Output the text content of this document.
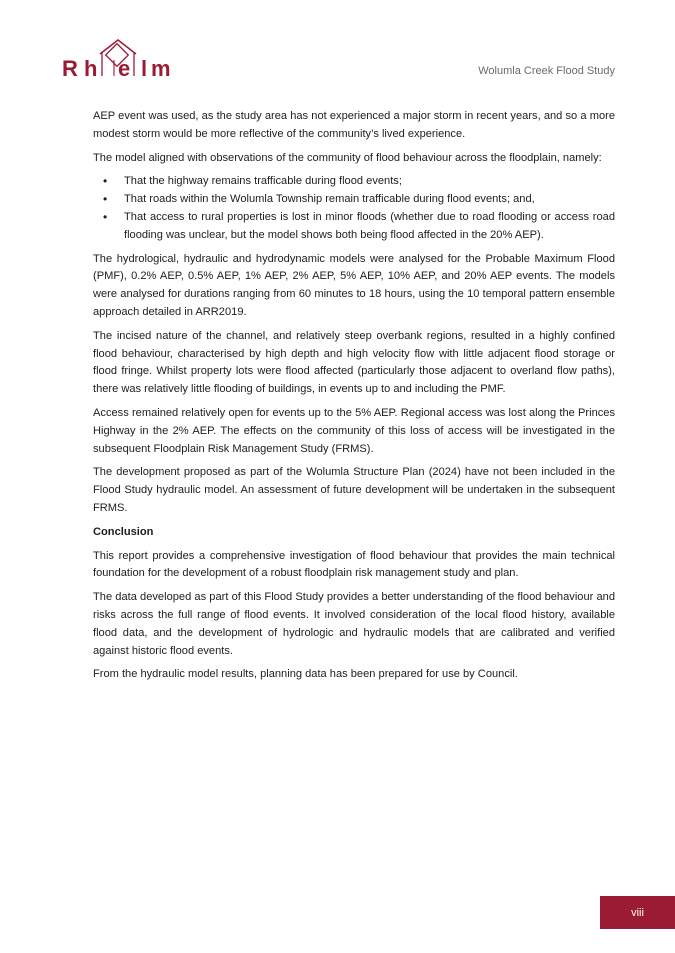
R h e l m	Wolumla Creek Flood Study

AEP event was used, as the study area has not experienced a major storm in recent years, and so a more modest storm would be more reflective of the community’s lived experience.

The model aligned with observations of the community of flood behaviour across the floodplain, namely:

• That the highway remains trafficable during flood events;
• That roads within the Wolumla Township remain trafficable during flood events; and,
• That access to rural properties is lost in minor floods (whether due to road flooding or access road flooding was unclear, but the model shows both being flood affected in the 20% AEP).

The hydrological, hydraulic and hydrodynamic models were analysed for the Probable Maximum Flood (PMF), 0.2% AEP, 0.5% AEP, 1% AEP, 2% AEP, 5% AEP, 10% AEP, and 20% AEP events. The models were analysed for durations ranging from 60 minutes to 18 hours, using the 10 temporal pattern ensemble approach detailed in ARR2019.

The incised nature of the channel, and relatively steep overbank regions, resulted in a highly confined flood behaviour, characterised by high depth and high velocity flow with little adjacent flood storage or flood fringe. Whilst property lots were flood affected (particularly those adjacent to overland flow paths), there was relatively little flooding of buildings, in events up to and including the PMF.

Access remained relatively open for events up to the 5% AEP. Regional access was lost along the Princes Highway in the 2% AEP. The effects on the community of this loss of access will be investigated in the subsequent Floodplain Risk Management Study (FRMS).

The development proposed as part of the Wolumla Structure Plan (2024) have not been included in the Flood Study hydraulic model. An assessment of future development will be undertaken in the subsequent FRMS.

Conclusion

This report provides a comprehensive investigation of flood behaviour that provides the main technical foundation for the development of a robust floodplain risk management study and plan.

The data developed as part of this Flood Study provides a better understanding of the flood behaviour and risks across the full range of flood events. It involved consideration of the local flood history, available flood data, and the development of hydrologic and hydraulic models that are calibrated and verified against historic flood events.

From the hydraulic model results, planning data has been prepared for use by Council.

viii
